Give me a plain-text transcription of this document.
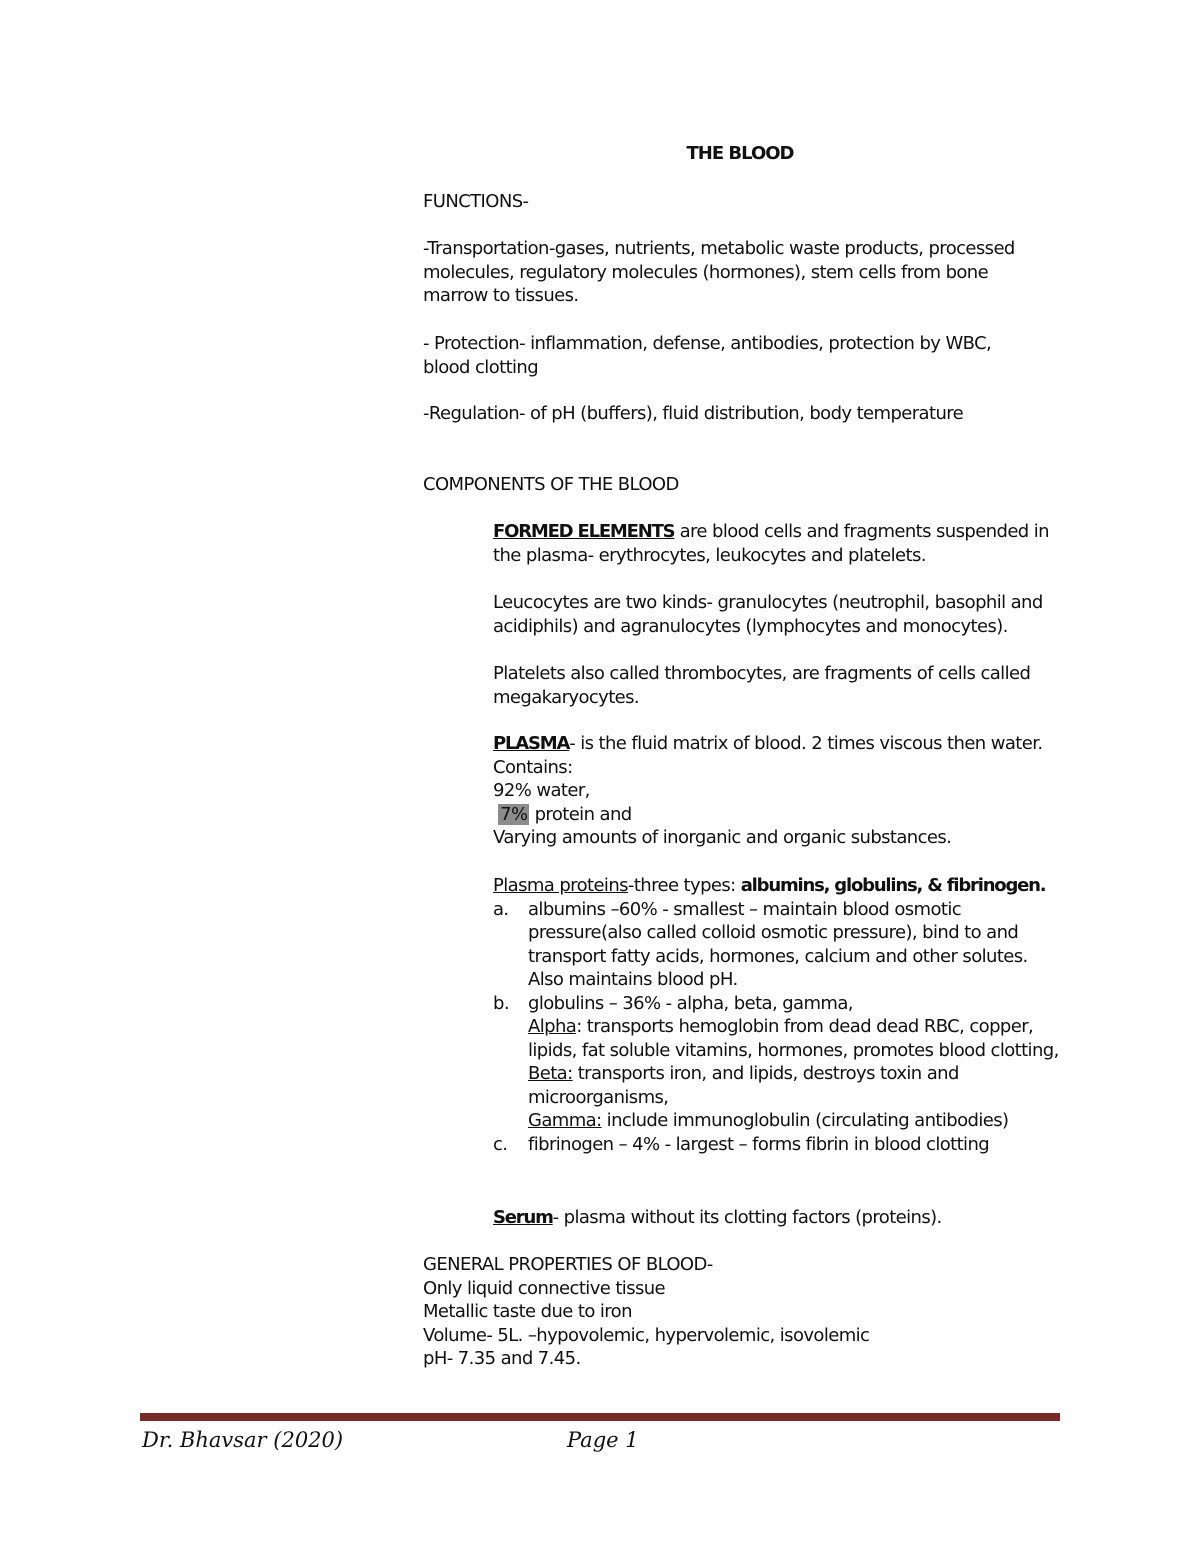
THE BLOOD
FUNCTIONS-
-Transportation-gases, nutrients, metabolic waste products, processed molecules, regulatory molecules (hormones), stem cells from bone marrow to tissues.
- Protection- inflammation, defense, antibodies, protection by WBC, blood clotting
-Regulation- of pH (buffers), fluid distribution, body temperature
COMPONENTS OF THE BLOOD
FORMED ELEMENTS are blood cells and fragments suspended in the plasma- erythrocytes, leukocytes and platelets.
Leucocytes are two kinds- granulocytes (neutrophil, basophil and acidiphils) and agranulocytes (lymphocytes and monocytes).
Platelets also called thrombocytes, are fragments of cells called megakaryocytes.
PLASMA- is the fluid matrix of blood. 2 times viscous then water.
Contains:
92% water,
7% protein and
Varying amounts of inorganic and organic substances.
Plasma proteins-three types: albumins, globulins, & fibrinogen.
a. albumins –60% - smallest – maintain blood osmotic pressure(also called colloid osmotic pressure), bind to and transport fatty acids, hormones, calcium and other solutes. Also maintains blood pH.
b. globulins – 36% - alpha, beta, gamma,
Alpha: transports hemoglobin from dead dead RBC, copper, lipids, fat soluble vitamins, hormones, promotes blood clotting,
Beta: transports iron, and lipids, destroys toxin and microorganisms,
Gamma: include immunoglobulin (circulating antibodies)
c. fibrinogen – 4% - largest – forms fibrin in blood clotting
Serum- plasma without its clotting factors (proteins).
GENERAL PROPERTIES OF BLOOD-
Only liquid connective tissue
Metallic taste due to iron
Volume- 5L. –hypovolemic, hypervolemic, isovolemic
pH- 7.35 and 7.45.
Dr. Bhavsar (2020)	Page 1
